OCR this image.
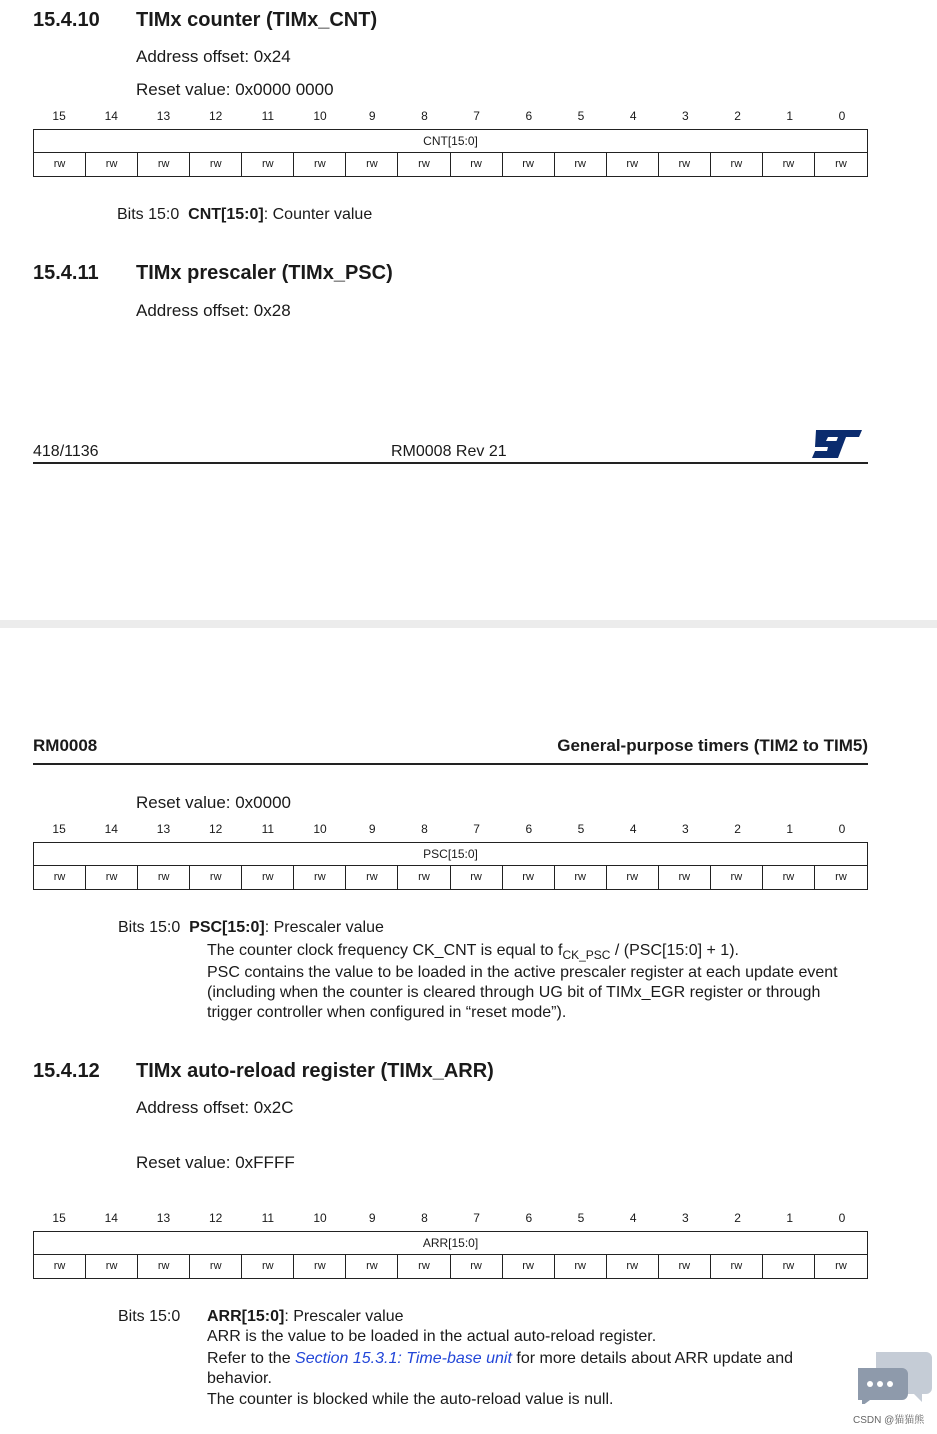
15.4.10 TIMx counter (TIMx_CNT)
Address offset: 0x24
Reset value: 0x0000 0000
15	14	13	12	11	10	9	8	7	6	5	4	3	2	1	0
CNT[15:0]
rw	rw	rw	rw	rw	rw	rw	rw	rw	rw	rw	rw	rw	rw	rw	rw
Bits 15:0 CNT[15:0]: Counter value
15.4.11 TIMx prescaler (TIMx_PSC)
Address offset: 0x28
418/1136	RM0008 Rev 21
RM0008	General-purpose timers (TIM2 to TIM5)
Reset value: 0x0000
15	14	13	12	11	10	9	8	7	6	5	4	3	2	1	0
PSC[15:0]
rw	rw	rw	rw	rw	rw	rw	rw	rw	rw	rw	rw	rw	rw	rw	rw
Bits 15:0 PSC[15:0]: Prescaler value
The counter clock frequency CK_CNT is equal to $f_{CK\_PSC}$ / (PSC[15:0] + 1).
PSC contains the value to be loaded in the active prescaler register at each update event
(including when the counter is cleared through UG bit of TIMx_EGR register or through
trigger controller when configured in “reset mode”).
15.4.12 TIMx auto-reload register (TIMx_ARR)
Address offset: 0x2C
Reset value: 0xFFFF
15	14	13	12	11	10	9	8	7	6	5	4	3	2	1	0
ARR[15:0]
rw	rw	rw	rw	rw	rw	rw	rw	rw	rw	rw	rw	rw	rw	rw	rw
Bits 15:0 ARR[15:0]: Prescaler value
ARR is the value to be loaded in the actual auto-reload register.
Refer to the Section 15.3.1: Time-base unit for more details about ARR update and
behavior.
The counter is blocked while the auto-reload value is null.
CSDN @猫猫熊
